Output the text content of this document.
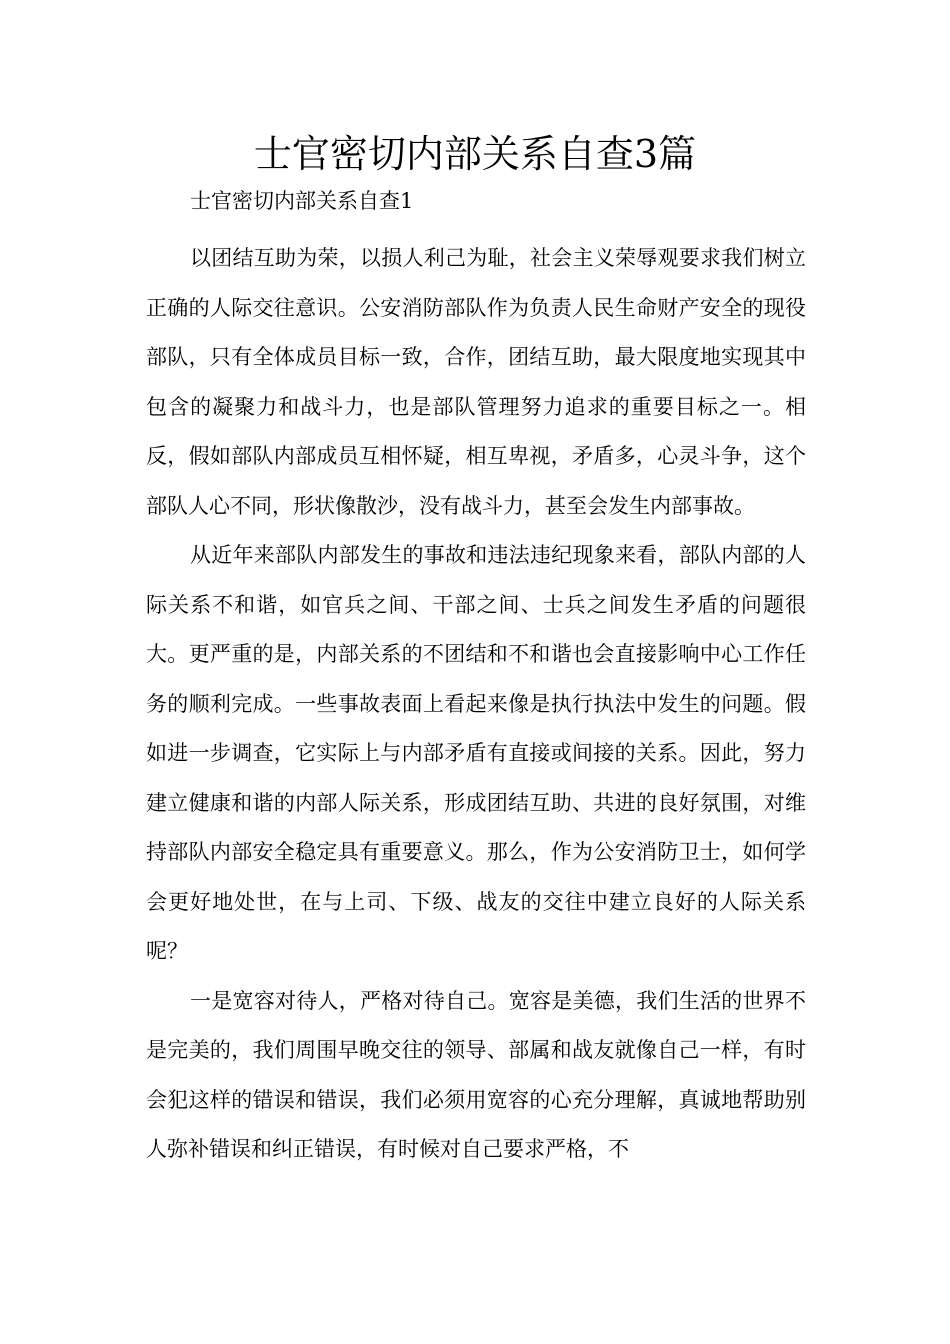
士官密切内部关系自查3篇

士官密切内部关系自查1

以团结互助为荣，以损人利己为耻，社会主义荣辱观要求我们树立正确的人际交往意识。公安消防部队作为负责人民生命财产安全的现役部队，只有全体成员目标一致，合作，团结互助，最大限度地实现其中包含的凝聚力和战斗力，也是部队管理努力追求的重要目标之一。相反，假如部队内部成员互相怀疑，相互卑视，矛盾多，心灵斗争，这个部队人心不同，形状像散沙，没有战斗力，甚至会发生内部事故。

从近年来部队内部发生的事故和违法违纪现象来看，部队内部的人际关系不和谐，如官兵之间、干部之间、士兵之间发生矛盾的问题很大。更严重的是，内部关系的不团结和不和谐也会直接影响中心工作任务的顺利完成。一些事故表面上看起来像是执行执法中发生的问题。假如进一步调查，它实际上与内部矛盾有直接或间接的关系。因此，努力建立健康和谐的内部人际关系，形成团结互助、共进的良好氛围，对维持部队内部安全稳定具有重要意义。那么，作为公安消防卫士，如何学会更好地处世，在与上司、下级、战友的交往中建立良好的人际关系呢？

一是宽容对待人，严格对待自己。宽容是美德，我们生活的世界不是完美的，我们周围早晚交往的领导、部属和战友就像自己一样，有时会犯这样的错误和错误，我们必须用宽容的心充分理解，真诚地帮助别人弥补错误和纠正错误，有时候对自己要求严格，不
